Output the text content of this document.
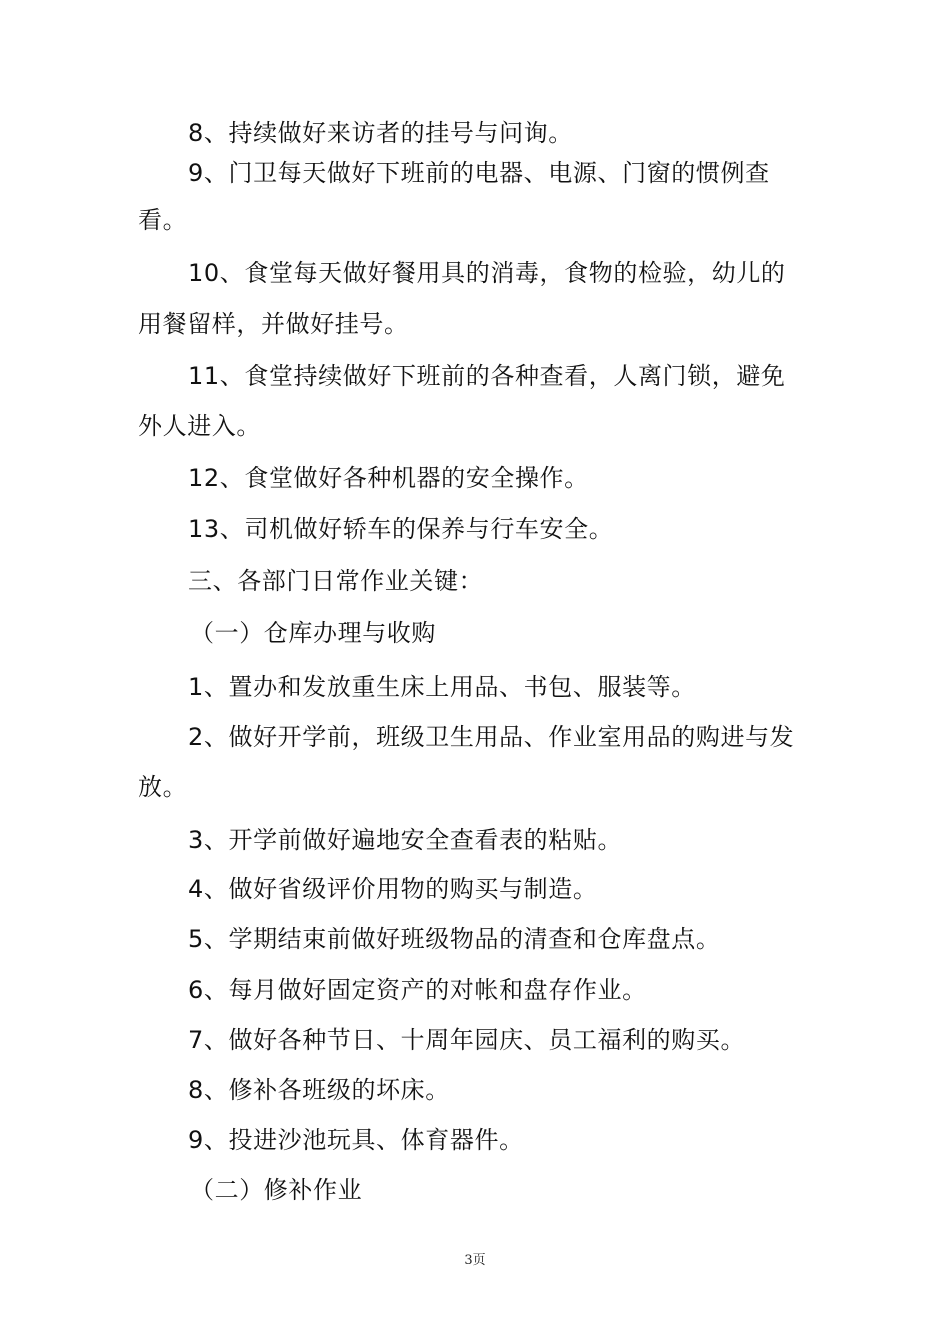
8、持续做好来访者的挂号与问询。
9、门卫每天做好下班前的电器、电源、门窗的惯例查
看。
10、食堂每天做好餐用具的消毒，食物的检验，幼儿的
用餐留样，并做好挂号。
11、食堂持续做好下班前的各种查看，人离门锁，避免
外人进入。
12、食堂做好各种机器的安全操作。
13、司机做好轿车的保养与行车安全。
三、各部门日常作业关键：
（一）仓库办理与收购
1、置办和发放重生床上用品、书包、服装等。
2、做好开学前，班级卫生用品、作业室用品的购进与发
放。
3、开学前做好遍地安全查看表的粘贴。
4、做好省级评价用物的购买与制造。
5、学期结束前做好班级物品的清查和仓库盘点。
6、每月做好固定资产的对帐和盘存作业。
7、做好各种节日、十周年园庆、员工福利的购买。
8、修补各班级的坏床。
9、投进沙池玩具、体育器件。
（二）修补作业
3页
